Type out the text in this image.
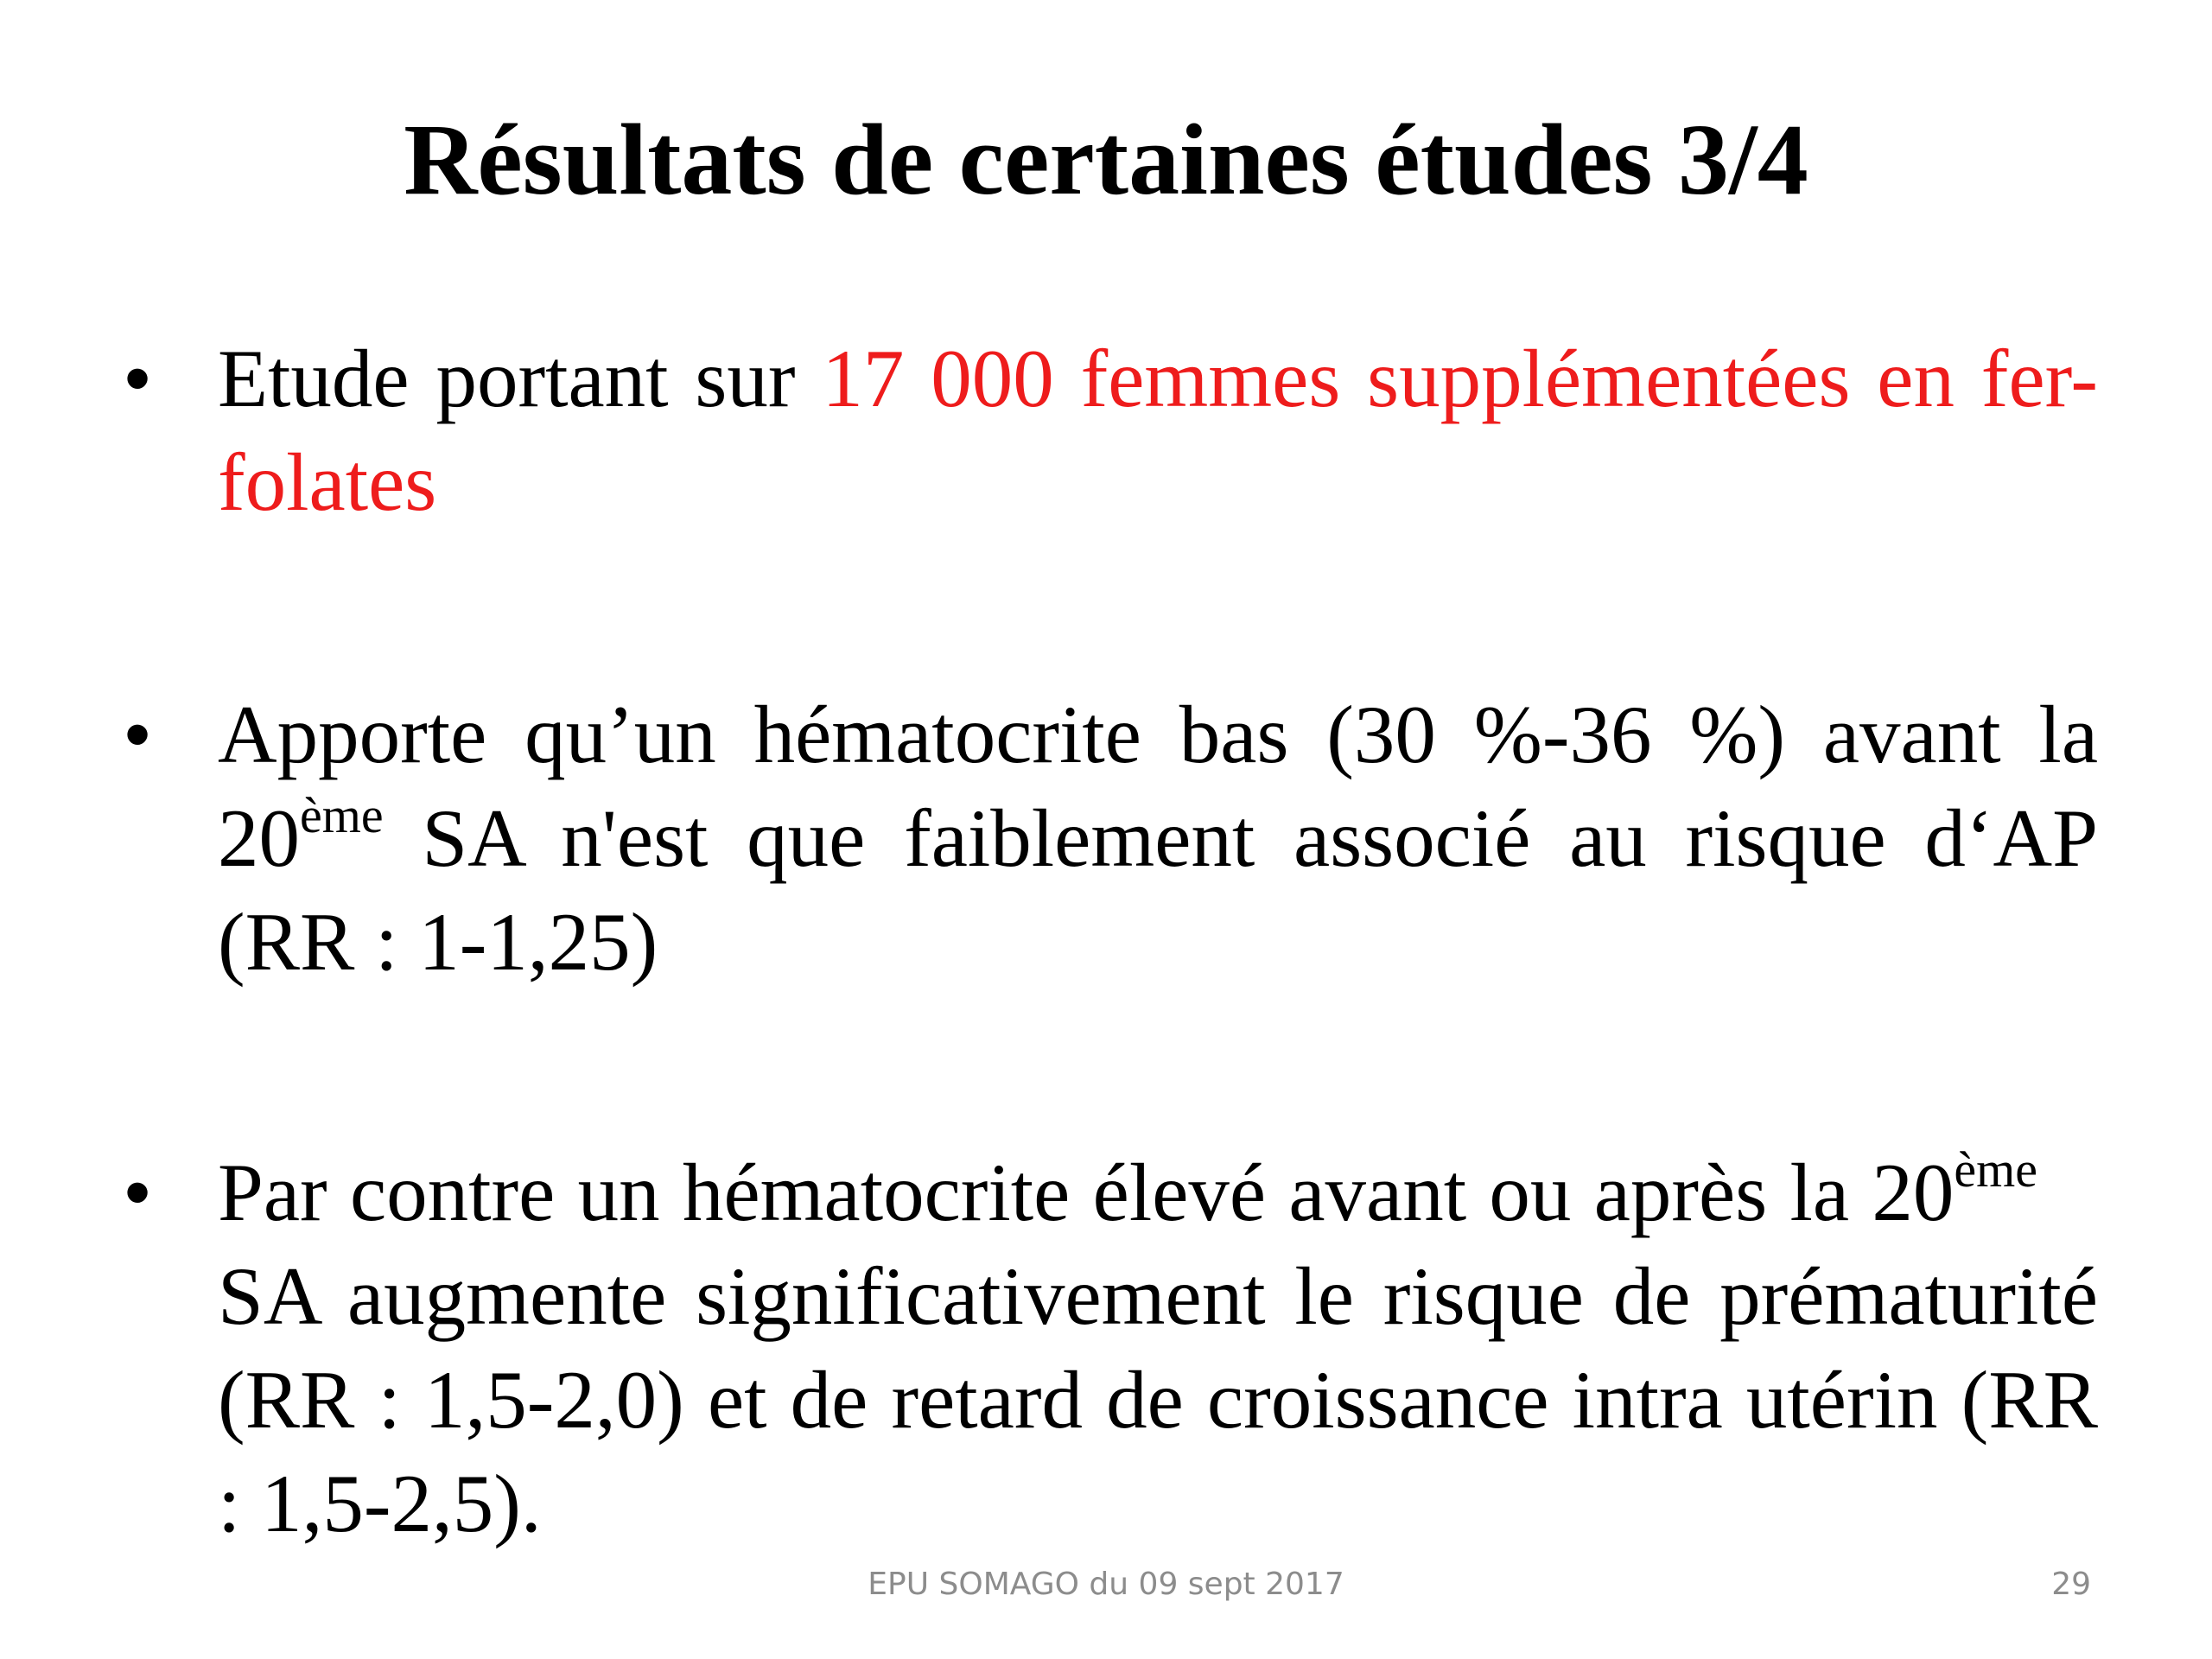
Résultats de certaines études 3/4
• Etude portant sur 17 000 femmes supplémentées en fer-folates
• Apporte qu’un hématocrite bas (30 %-36 %) avant la 20ème SA n'est que faiblement associé au risque d‘AP (RR : 1-1,25)
• Par contre un hématocrite élevé avant ou après la 20èmeSA augmente significativement le risque de prématurité (RR : 1,5-2,0) et de retard de croissance intra utérin (RR : 1,5-2,5).
EPU SOMAGO du 09 sept 2017	29
